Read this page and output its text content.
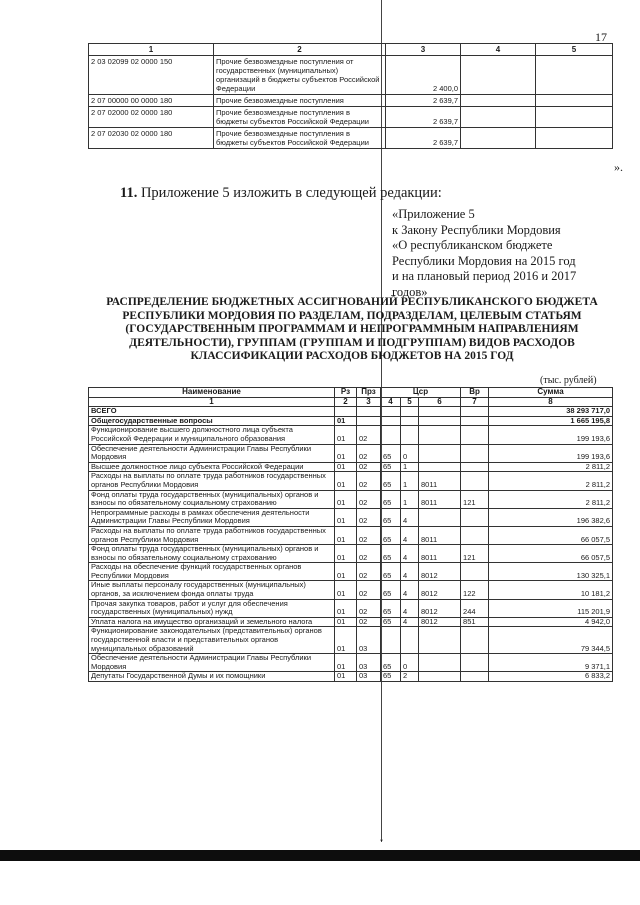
17
1	2	3	4	5
2 03 02099 02 0000 150	Прочие безвозмездные поступления от государственных (муниципальных) организаций в бюджеты субъектов Российской Федерации	2 400,0		
2 07 00000 00 0000 180	Прочие безвозмездные поступления	2 639,7		
2 07 02000 02 0000 180	Прочие безвозмездные поступления в бюджеты субъектов Российской Федерации	2 639,7		
2 07 02030 02 0000 180	Прочие безвозмездные поступления в бюджеты субъектов Российской Федерации	2 639,7		
».
11. Приложение 5 изложить в следующей редакции:
«Приложение 5
к Закону Республики Мордовия
«О республиканском бюджете
Республики Мордовия на 2015 год
и на плановый период 2016 и 2017
годов»
РАСПРЕДЕЛЕНИЕ БЮДЖЕТНЫХ АССИГНОВАНИЙ РЕСПУБЛИКАНСКОГО БЮДЖЕТА РЕСПУБЛИКИ МОРДОВИЯ ПО РАЗДЕЛАМ, ПОДРАЗДЕЛАМ, ЦЕЛЕВЫМ СТАТЬЯМ (ГОСУДАРСТВЕННЫМ ПРОГРАММАМ И НЕПРОГРАММНЫМ НАПРАВЛЕНИЯМ ДЕЯТЕЛЬНОСТИ), ГРУППАМ (ГРУППАМ И ПОДГРУППАМ) ВИДОВ РАСХОДОВ КЛАССИФИКАЦИИ РАСХОДОВ БЮДЖЕТОВ НА 2015 ГОД
(тыс. рублей)
Наименование	Рз	Прз	Цср			Вр	Сумма
1	2	3	4	5	6	7	8
ВСЕГО							38 293 717,0
Общегосударственные вопросы	01						1 665 195,8
Функционирование высшего должностного лица субъекта Российской Федерации и муниципального образования	01	02					199 193,6
Обеспечение деятельности Администрации Главы Республики Мордовия	01	02	65	0			199 193,6
Высшее должностное лицо субъекта Российской Федерации	01	02	65	1			2 811,2
Расходы на выплаты по оплате труда работников государственных органов Республики Мордовия	01	02	65	1	8011		2 811,2
Фонд оплаты труда государственных (муниципальных) органов и взносы по обязательному социальному страхованию	01	02	65	1	8011	121	2 811,2
Непрограммные расходы в рамках обеспечения деятельности Администрации Главы Республики Мордовия	01	02	65	4			196 382,6
Расходы на выплаты по оплате труда работников государственных органов Республики Мордовия	01	02	65	4	8011		66 057,5
Фонд оплаты труда государственных (муниципальных) органов и взносы по обязательному социальному страхованию	01	02	65	4	8011	121	66 057,5
Расходы на обеспечение функций государственных органов Республики Мордовия	01	02	65	4	8012		130 325,1
Иные выплаты персоналу государственных (муниципальных) органов, за исключением фонда оплаты труда	01	02	65	4	8012	122	10 181,2
Прочая закупка товаров, работ и услуг для обеспечения государственных (муниципальных) нужд	01	02	65	4	8012	244	115 201,9
Уплата налога на имущество организаций и земельного налога	01	02	65	4	8012	851	4 942,0
Функционирование законодательных (представительных) органов государственной власти и представительных органов муниципальных образований	01	03					79 344,5
Обеспечение деятельности Администрации Главы Республики Мордовия	01	03	65	0			9 371,1
Депутаты Государственной Думы и их помощники	01	03	65	2			6 833,2
ˇ
